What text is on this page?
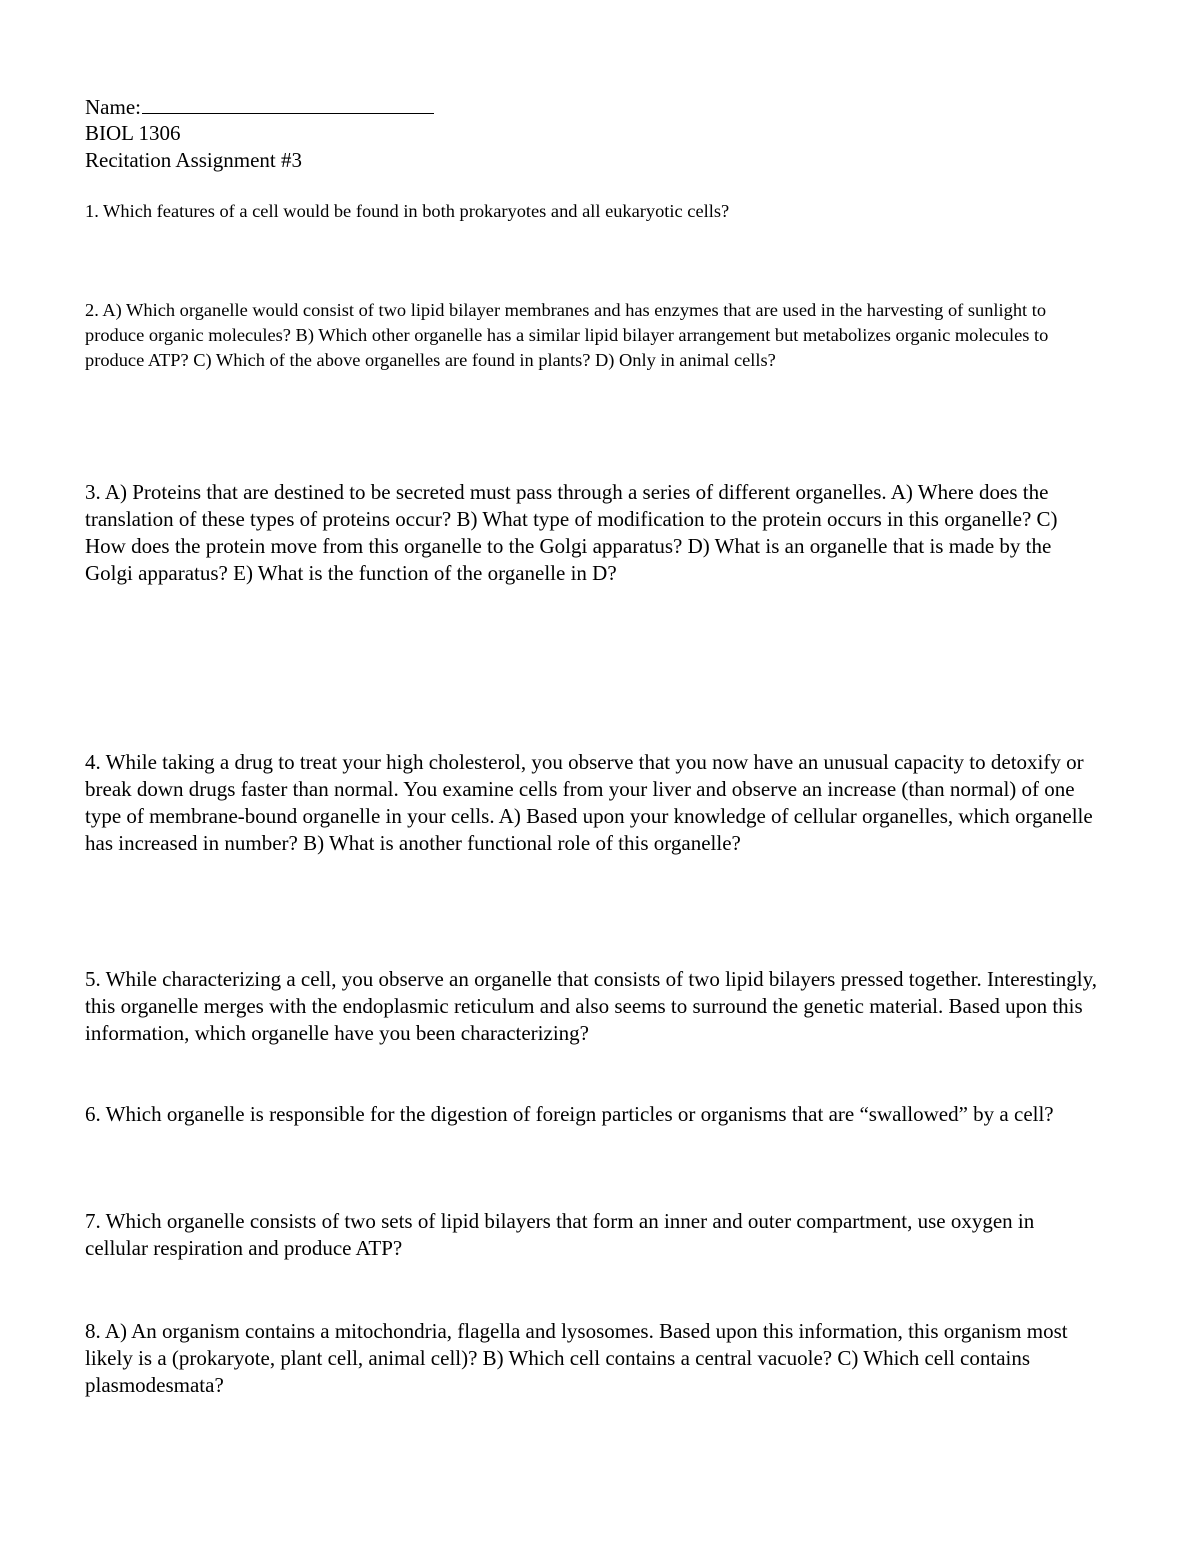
Name:
BIOL 1306
Recitation Assignment #3

1. Which features of a cell would be found in both prokaryotes and all eukaryotic cells?

2. A) Which organelle would consist of two lipid bilayer membranes and has enzymes that are used in the harvesting of sunlight to produce organic molecules? B) Which other organelle has a similar lipid bilayer arrangement but metabolizes organic molecules to produce ATP? C) Which of the above organelles are found in plants? D) Only in animal cells?

3. A) Proteins that are destined to be secreted must pass through a series of different organelles. A) Where does the translation of these types of proteins occur? B) What type of modification to the protein occurs in this organelle? C) How does the protein move from this organelle to the Golgi apparatus? D) What is an organelle that is made by the Golgi apparatus? E) What is the function of the organelle in D?

4. While taking a drug to treat your high cholesterol, you observe that you now have an unusual capacity to detoxify or break down drugs faster than normal. You examine cells from your liver and observe an increase (than normal) of one type of membrane-bound organelle in your cells. A) Based upon your knowledge of cellular organelles, which organelle has increased in number? B) What is another functional role of this organelle?

5. While characterizing a cell, you observe an organelle that consists of two lipid bilayers pressed together. Interestingly, this organelle merges with the endoplasmic reticulum and also seems to surround the genetic material. Based upon this information, which organelle have you been characterizing?

6. Which organelle is responsible for the digestion of foreign particles or organisms that are “swallowed” by a cell?

7. Which organelle consists of two sets of lipid bilayers that form an inner and outer compartment, use oxygen in cellular respiration and produce ATP?

8. A) An organism contains a mitochondria, flagella and lysosomes. Based upon this information, this organism most likely is a (prokaryote, plant cell, animal cell)? B) Which cell contains a central vacuole? C) Which cell contains plasmodesmata?
